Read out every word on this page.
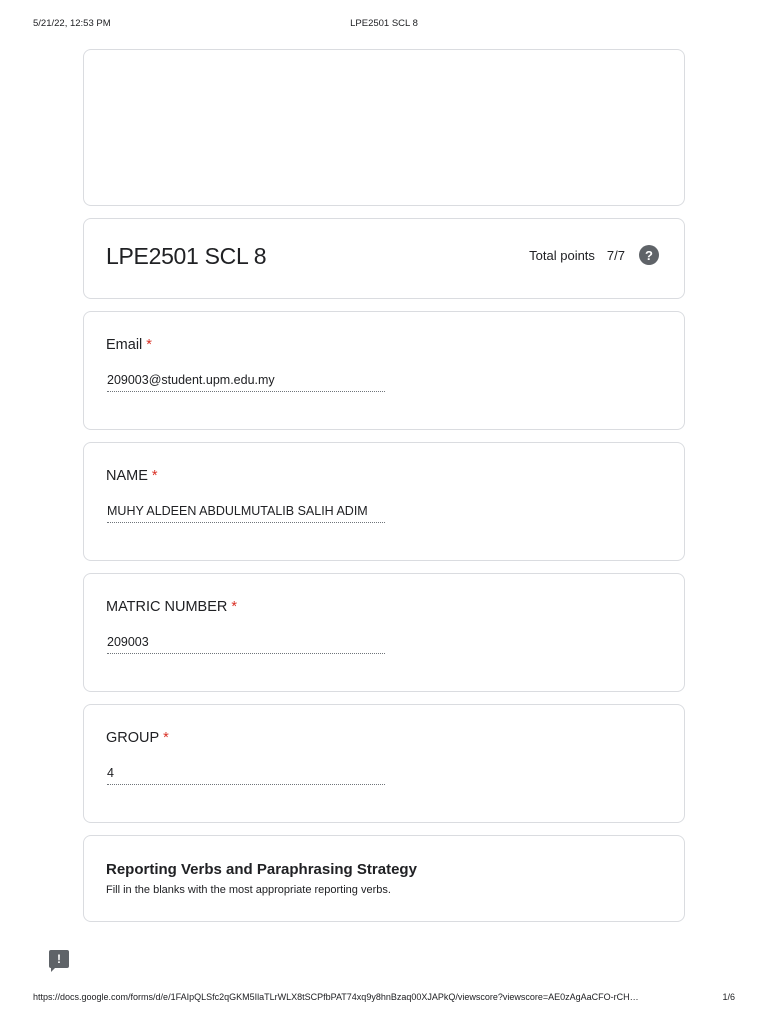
5/21/22, 12:53 PM	LPE2501 SCL 8
LPE2501 SCL 8	Total points 7/7	?
Email *
209003@student.upm.edu.my
NAME *
MUHY ALDEEN ABDULMUTALIB SALIH ADIM
MATRIC NUMBER *
209003
GROUP *
4
Reporting Verbs and Paraphrasing Strategy
Fill in the blanks with the most appropriate reporting verbs.
!
https://docs.google.com/forms/d/e/1FAIpQLSfc2qGKM5IlaTLrWLX8tSCPfbPAT74xq9y8hnBzaq00XJAPkQ/viewscore?viewscore=AE0zAgAaCFO-rCH…	1/6
